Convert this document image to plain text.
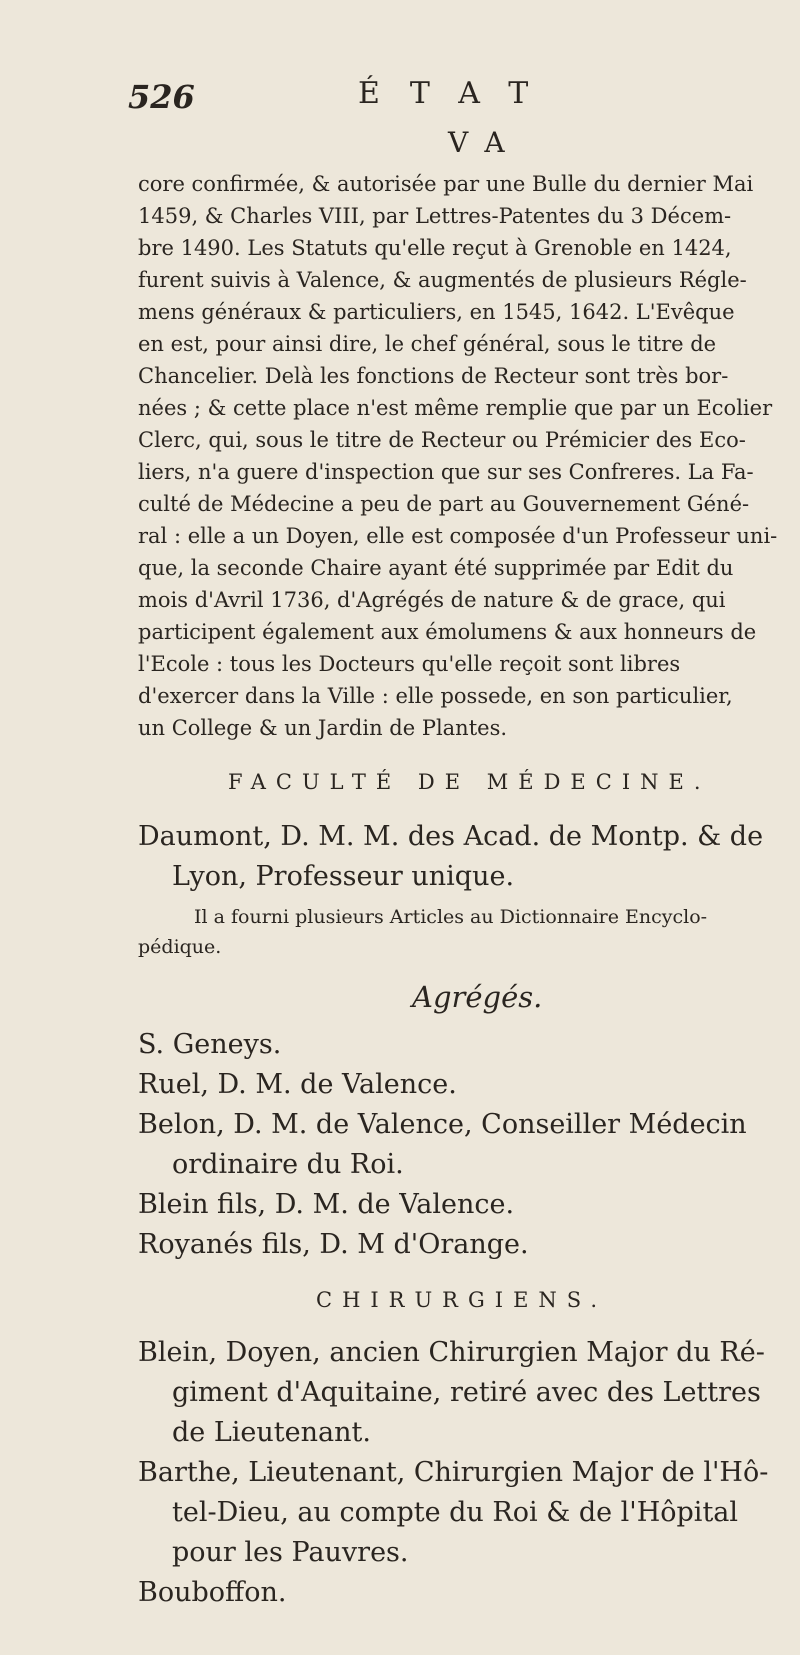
526	ÉTAT
VA
core confirmée, & autorisée par une Bulle du dernier Mai
1459, & Charles VIII, par Lettres-Patentes du 3 Décem-
bre 1490. Les Statuts qu'elle reçut à Grenoble en 1424,
furent suivis à Valence, & augmentés de plusieurs Régle-
mens généraux & particuliers, en 1545, 1642. L'Evêque
en est, pour ainsi dire, le chef général, sous le titre de
Chancelier. Delà les fonctions de Recteur sont très bor-
nées ; & cette place n'est même remplie que par un Ecolier
Clerc, qui, sous le titre de Recteur ou Prémicier des Eco-
liers, n'a guere d'inspection que sur ses Confreres. La Fa-
culté de Médecine a peu de part au Gouvernement Géné-
ral : elle a un Doyen, elle est composée d'un Professeur uni-
que, la seconde Chaire ayant été supprimée par Edit du
mois d'Avril 1736, d'Agrégés de nature & de grace, qui
participent également aux émolumens & aux honneurs de
l'Ecole : tous les Docteurs qu'elle reçoit sont libres
d'exercer dans la Ville : elle possede, en son particulier,
un College & un Jardin de Plantes.
FACULTÉ DE MÉDECINE.
Daumont, D. M. M. des Acad. de Montp. & de
Lyon, Professeur unique.
Il a fourni plusieurs Articles au Dictionnaire Encyclo-
pédique.
Agrégés.
S. Geneys.
Ruel, D. M. de Valence.
Belon, D. M. de Valence, Conseiller Médecin
ordinaire du Roi.
Blein fils, D. M. de Valence.
Royanés fils, D. M d'Orange.
CHIRURGIENS.
Blein, Doyen, ancien Chirurgien Major du Ré-
giment d'Aquitaine, retiré avec des Lettres
de Lieutenant.
Barthe, Lieutenant, Chirurgien Major de l'Hô-
tel-Dieu, au compte du Roi & de l'Hôpital
pour les Pauvres.
Bouboffon.
